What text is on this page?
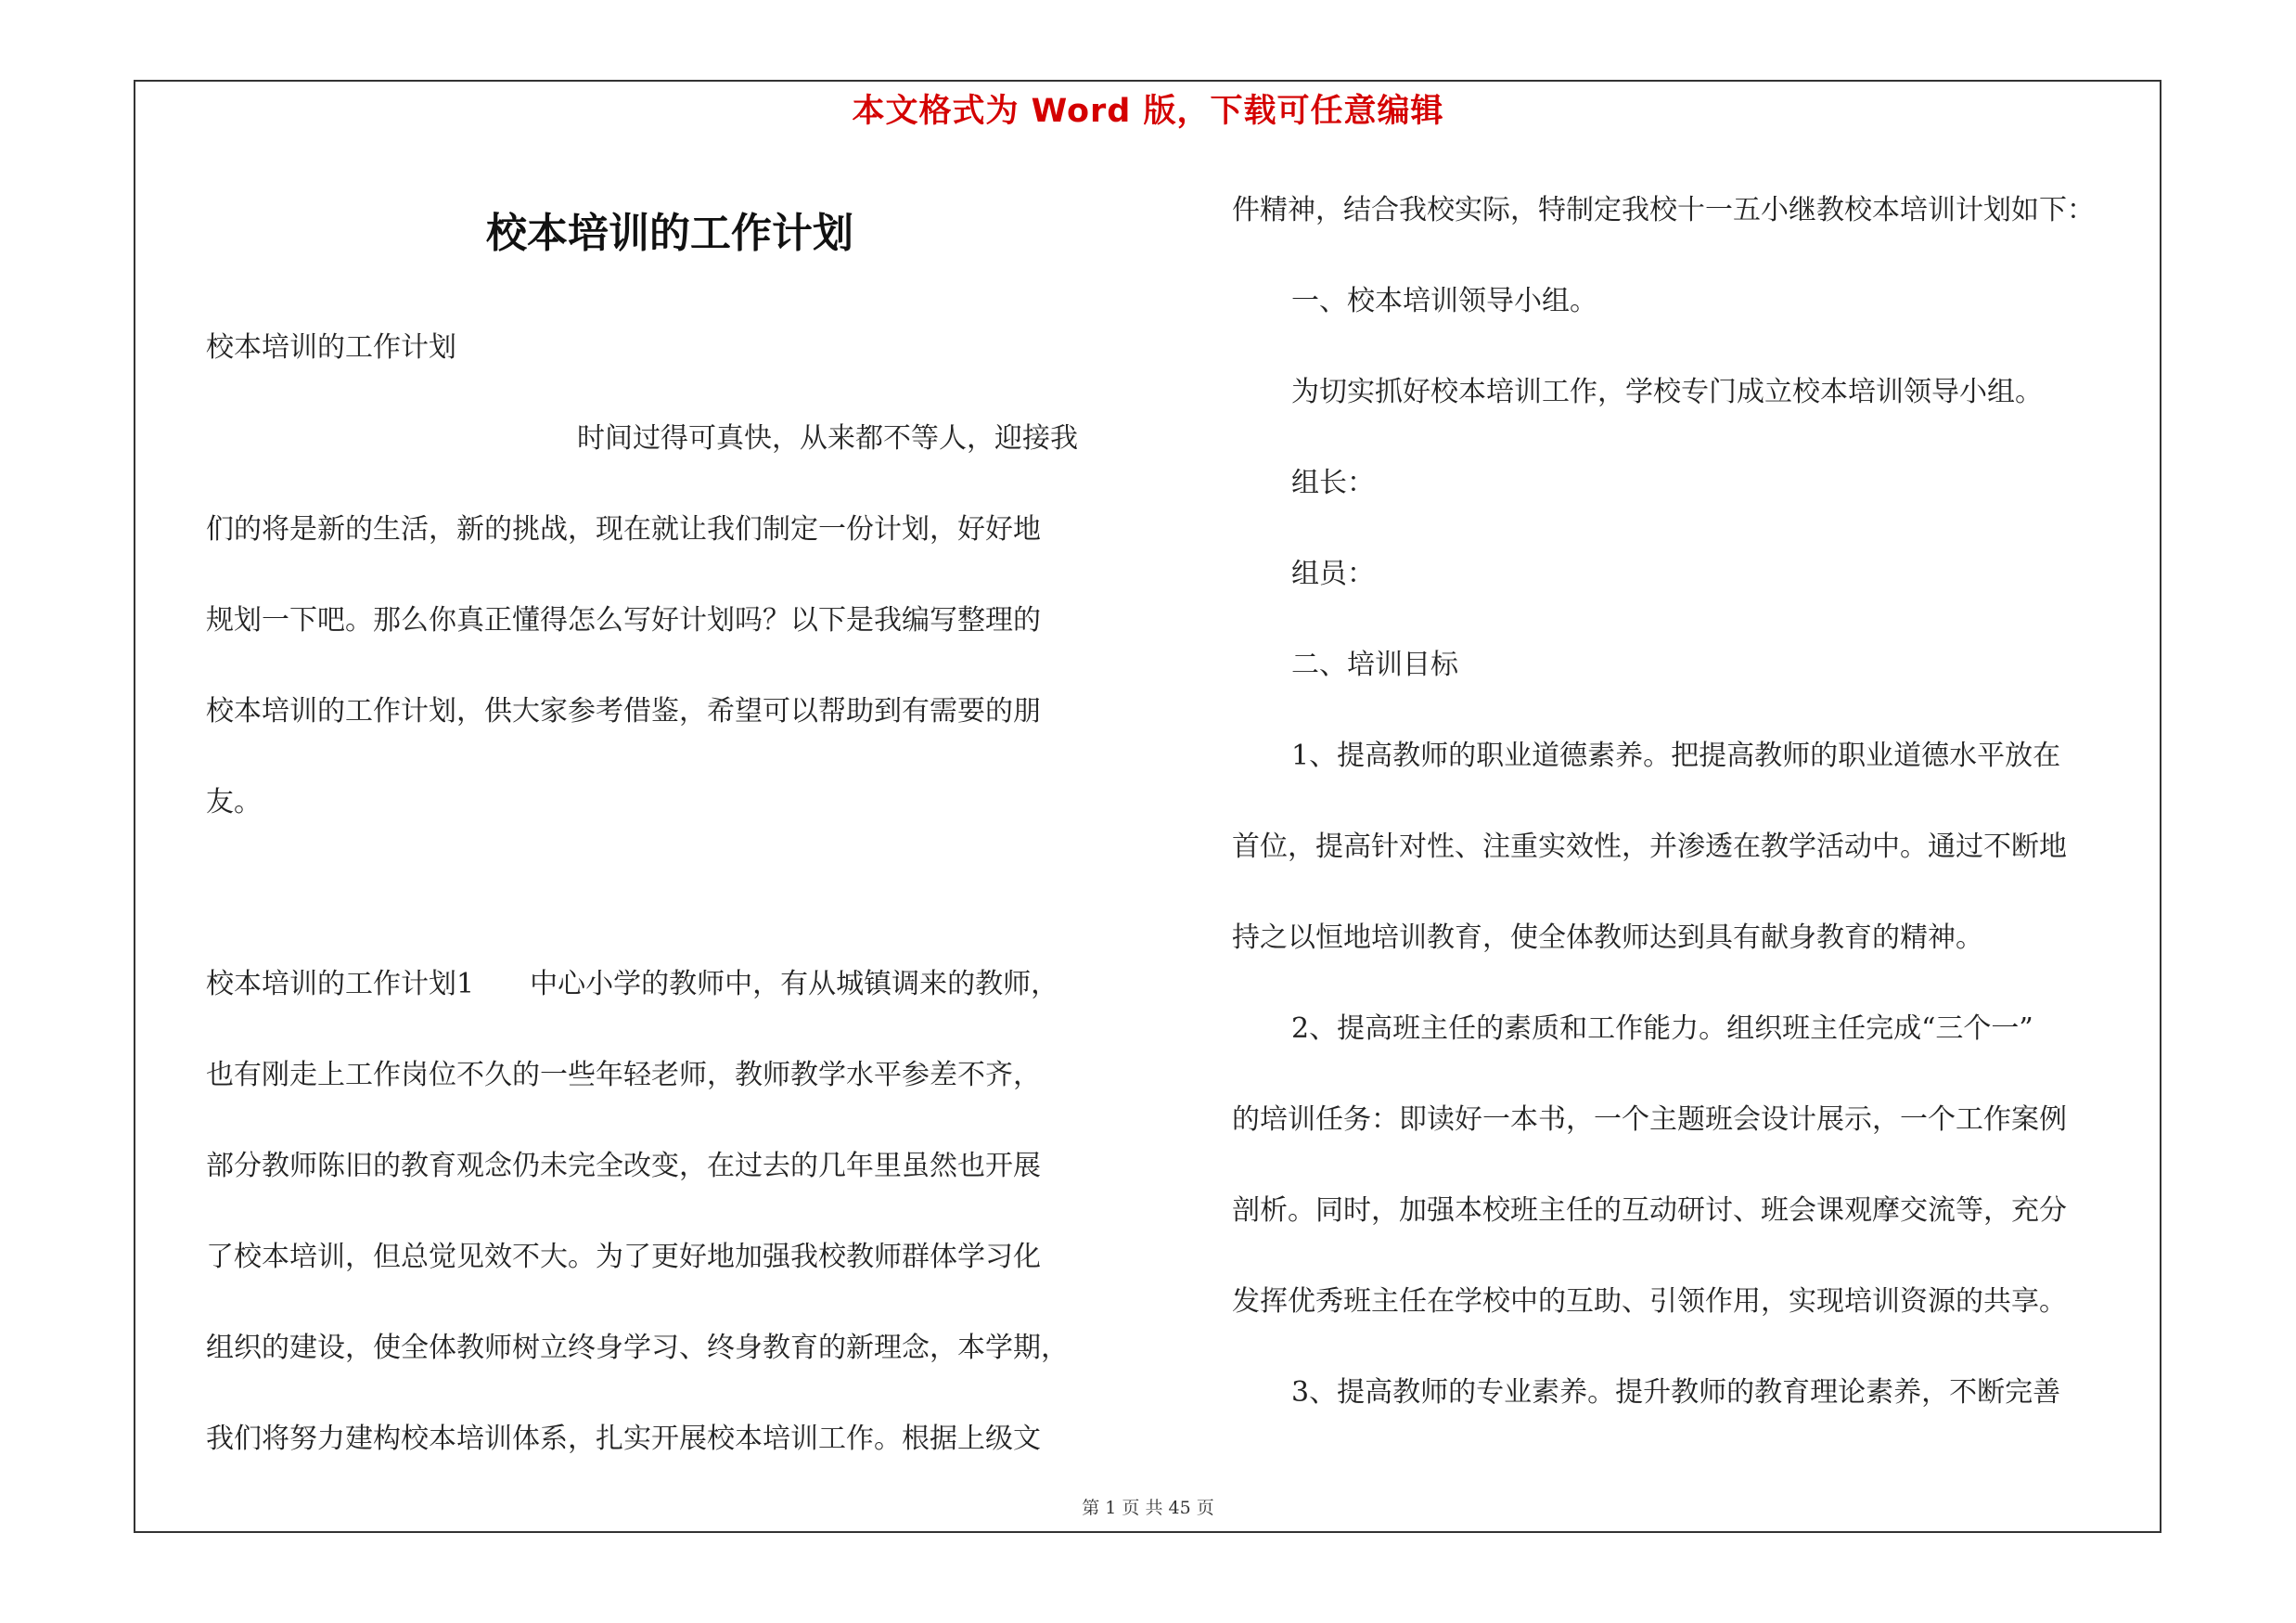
本文格式为 Word 版，下载可任意编辑
校本培训的工作计划

校本培训的工作计划

时间过得可真快，从来都不等人，迎接我

们的将是新的生活，新的挑战，现在就让我们制定一份计划，好好地

规划一下吧。那么你真正懂得怎么写好计划吗？以下是我编写整理的

校本培训的工作计划，供大家参考借鉴，希望可以帮助到有需要的朋

友。

校本培训的工作计划1　　中心小学的教师中，有从城镇调来的教师，

也有刚走上工作岗位不久的一些年轻老师，教师教学水平参差不齐，

部分教师陈旧的教育观念仍未完全改变，在过去的几年里虽然也开展

了校本培训，但总觉见效不大。为了更好地加强我校教师群体学习化

组织的建设，使全体教师树立终身学习、终身教育的新理念，本学期，

我们将努力建构校本培训体系，扎实开展校本培训工作。根据上级文

件精神，结合我校实际，特制定我校十一五小继教校本培训计划如下：

一、校本培训领导小组。

为切实抓好校本培训工作，学校专门成立校本培训领导小组。

组长：

组员：

二、培训目标

1、提高教师的职业道德素养。把提高教师的职业道德水平放在

首位，提高针对性、注重实效性，并渗透在教学活动中。通过不断地

持之以恒地培训教育，使全体教师达到具有献身教育的精神。

2、提高班主任的素质和工作能力。组织班主任完成“三个一”

的培训任务：即读好一本书，一个主题班会设计展示，一个工作案例

剖析。同时，加强本校班主任的互动研讨、班会课观摩交流等，充分

发挥优秀班主任在学校中的互助、引领作用，实现培训资源的共享。

3、提高教师的专业素养。提升教师的教育理论素养，不断完善

第 1 页 共 45 页
